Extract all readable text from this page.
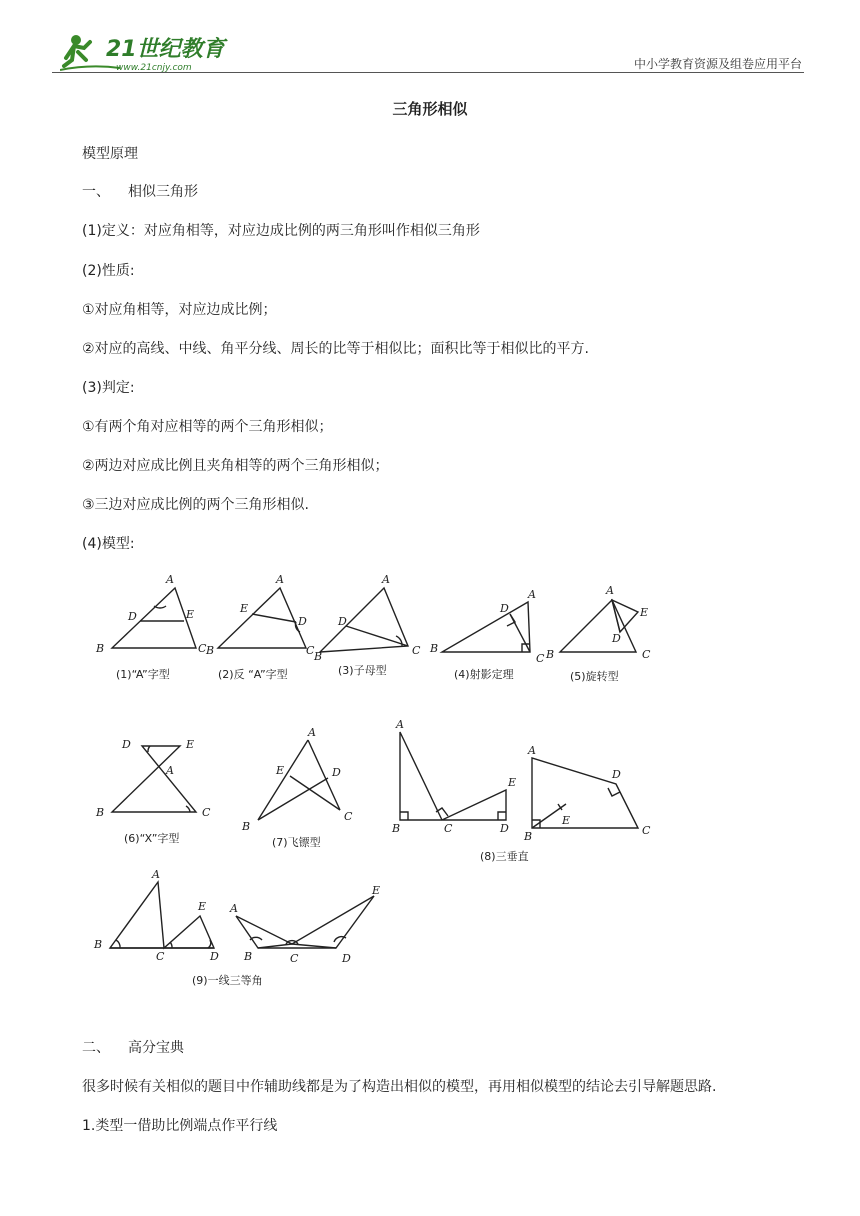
21世纪教育
www.21cnjy.com	中小学教育资源及组卷应用平台
三角形相似
模型原理
一、 相似三角形
(1)定义：对应角相等，对应边成比例的两三角形叫作相似三角形
(2)性质:
①对应角相等，对应边成比例；
②对应的高线、中线、角平分线、周长的比等于相似比；面积比等于相似比的平方.
(3)判定:
①有两个角对应相等的两个三角形相似；
②两边对应成比例且夹角相等的两个三角形相似；
③三边对应成比例的两个三角形相似.
(4)模型:
A
D	E
B	C
(1)“A”字型
A
E
D
B	C
(2)反 “A”字型
A
D
B	C
(3)子母型
A
D
B
C
(4)射影定理
A
E
D
B	C
(5)旋转型
D	E
A
B	C
(6)“X”字型
A
E	D
B
C
(7)飞镖型
A
E
B	C	D
A
D
E
B	C
(8)三垂直
A
E
B
C	D
(9)一线三等角
A
E
B	C	D
二、 高分宝典
很多时候有关相似的题目中作辅助线都是为了构造出相似的模型，再用相似模型的结论去引导解题思路.
1.类型一借助比例端点作平行线
